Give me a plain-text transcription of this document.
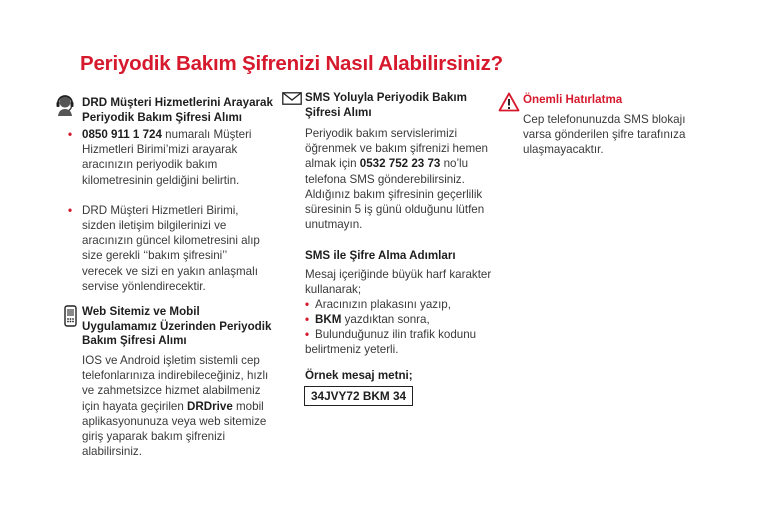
Periyodik Bakım Şifrenizi Nasıl Alabilirsiniz?
DRD Müşteri Hizmetlerini Arayarak
Periyodik Bakım Şifresi Alımı
• 0850 911 1 724 numaralı Müşteri
Hizmetleri Birimi’mizi arayarak
aracınızın periyodik bakım
kilometresinin geldiğini belirtin.
• DRD Müşteri Hizmetleri Birimi,
sizden iletişim bilgilerinizi ve
aracınızın güncel kilometresini alıp
size gerekli ‘‘bakım şifresini’’
verecek ve sizi en yakın anlaşmalı
servise yönlendirecektir.
Web Sitemiz ve Mobil
Uygulamamız Üzerinden Periyodik
Bakım Şifresi Alımı
IOS ve Android işletim sistemli cep
telefonlarınıza indirebileceğiniz, hızlı
ve zahmetsizce hizmet alabilmeniz
için hayata geçirilen DRDrive mobil
aplikasyonunuza veya web sitemize
giriş yaparak bakım şifrenizi
alabilirsiniz.
SMS Yoluyla Periyodik Bakım
Şifresi Alımı
Periyodik bakım servislerimizi
öğrenmek ve bakım şifrenizi hemen
almak için 0532 752 23 73 no’lu
telefona SMS gönderebilirsiniz.
Aldığınız bakım şifresinin geçerlilik
süresinin 5 iş günü olduğunu lütfen
unutmayın.
SMS ile Şifre Alma Adımları
Mesaj içeriğinde büyük harf karakter
kullanarak;
• Aracınızın plakasını yazıp,
• BKM yazdıktan sonra,
• Bulunduğunuz ilin trafik kodunu
belirtmeniz yeterli.
Örnek mesaj metni;
34JVY72 BKM 34
Önemli Hatırlatma
Cep telefonunuzda SMS blokajı
varsa gönderilen şifre tarafınıza
ulaşmayacaktır.
